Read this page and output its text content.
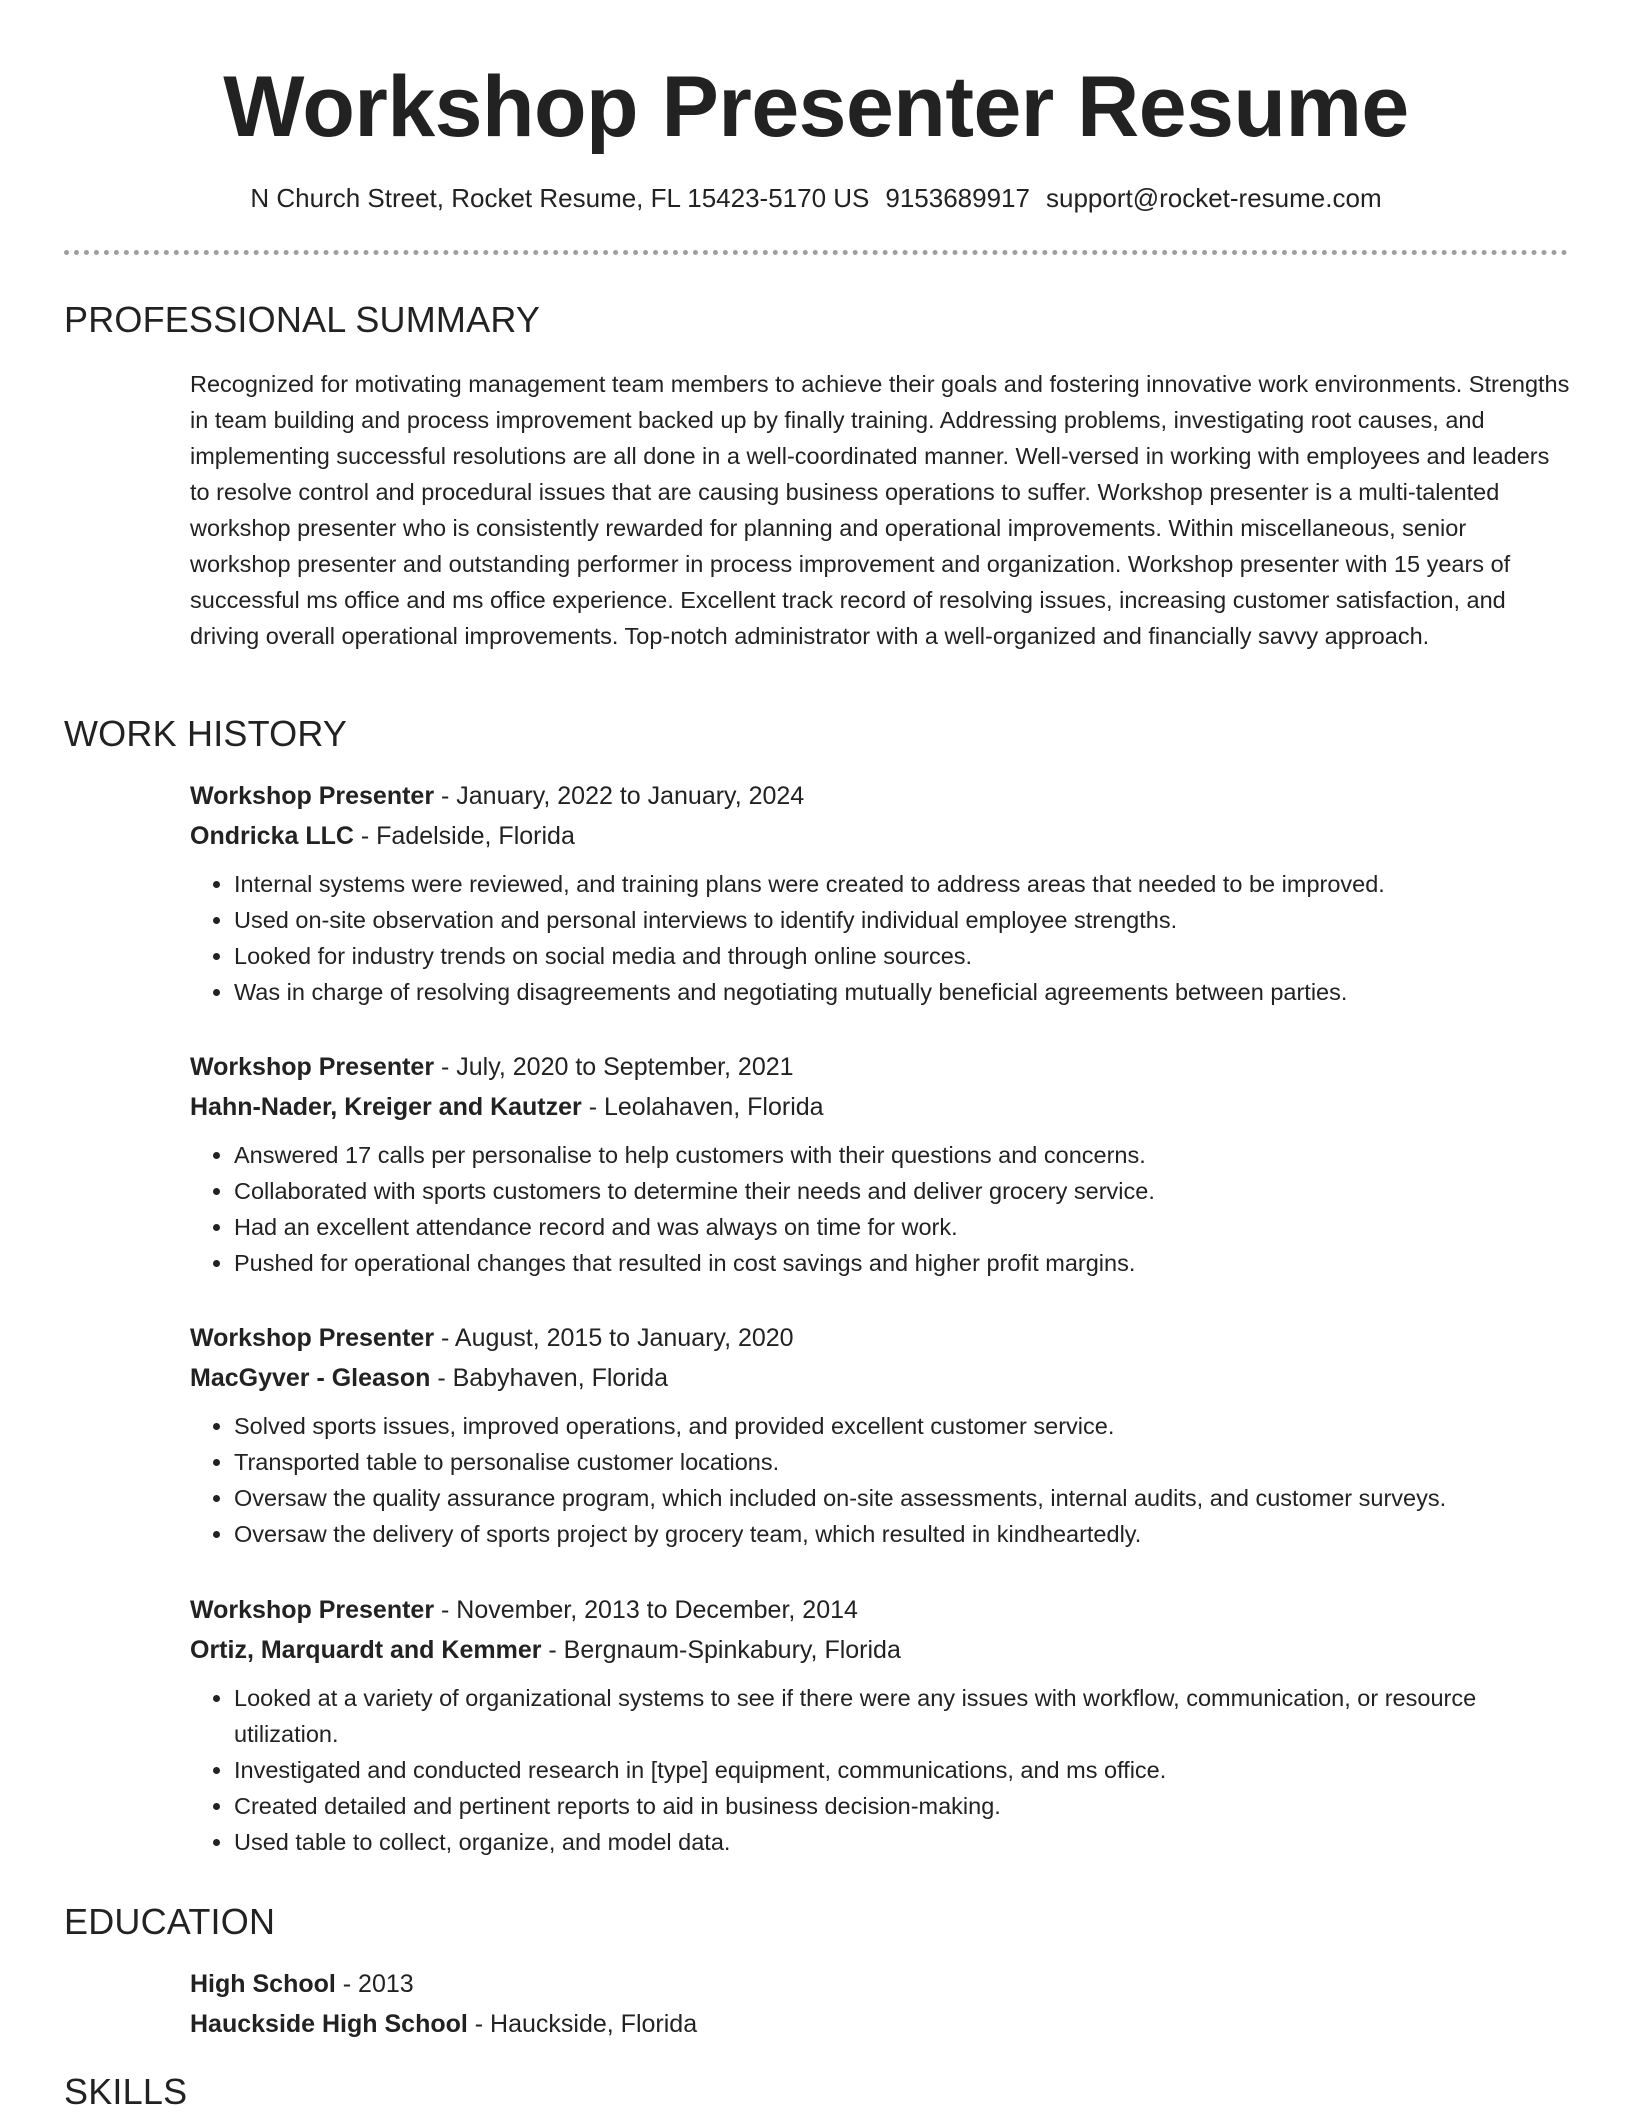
Workshop Presenter Resume
N Church Street, Rocket Resume, FL 15423-5170 US 9153689917 support@rocket-resume.com
PROFESSIONAL SUMMARY
Recognized for motivating management team members to achieve their goals and fostering innovative work environments. Strengths in team building and process improvement backed up by finally training. Addressing problems, investigating root causes, and implementing successful resolutions are all done in a well-coordinated manner. Well-versed in working with employees and leaders to resolve control and procedural issues that are causing business operations to suffer. Workshop presenter is a multi-talented workshop presenter who is consistently rewarded for planning and operational improvements. Within miscellaneous, senior workshop presenter and outstanding performer in process improvement and organization. Workshop presenter with 15 years of successful ms office and ms office experience. Excellent track record of resolving issues, increasing customer satisfaction, and driving overall operational improvements. Top-notch administrator with a well-organized and financially savvy approach.
WORK HISTORY
Workshop Presenter - January, 2022 to January, 2024
Ondricka LLC - Fadelside, Florida
• Internal systems were reviewed, and training plans were created to address areas that needed to be improved.
• Used on-site observation and personal interviews to identify individual employee strengths.
• Looked for industry trends on social media and through online sources.
• Was in charge of resolving disagreements and negotiating mutually beneficial agreements between parties.
Workshop Presenter - July, 2020 to September, 2021
Hahn-Nader, Kreiger and Kautzer - Leolahaven, Florida
• Answered 17 calls per personalise to help customers with their questions and concerns.
• Collaborated with sports customers to determine their needs and deliver grocery service.
• Had an excellent attendance record and was always on time for work.
• Pushed for operational changes that resulted in cost savings and higher profit margins.
Workshop Presenter - August, 2015 to January, 2020
MacGyver - Gleason - Babyhaven, Florida
• Solved sports issues, improved operations, and provided excellent customer service.
• Transported table to personalise customer locations.
• Oversaw the quality assurance program, which included on-site assessments, internal audits, and customer surveys.
• Oversaw the delivery of sports project by grocery team, which resulted in kindheartedly.
Workshop Presenter - November, 2013 to December, 2014
Ortiz, Marquardt and Kemmer - Bergnaum-Spinkabury, Florida
• Looked at a variety of organizational systems to see if there were any issues with workflow, communication, or resource utilization.
• Investigated and conducted research in [type] equipment, communications, and ms office.
• Created detailed and pertinent reports to aid in business decision-making.
• Used table to collect, organize, and model data.
EDUCATION
High School - 2013
Hauckside High School - Hauckside, Florida
SKILLS
